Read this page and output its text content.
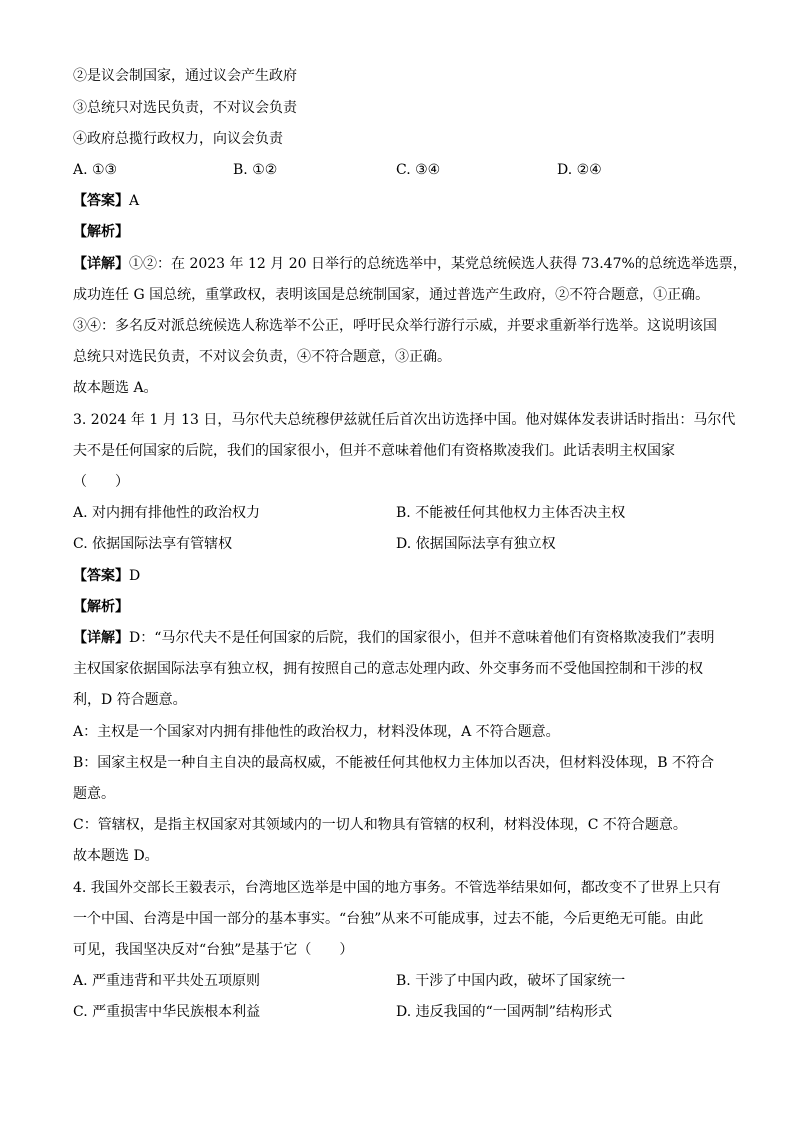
②是议会制国家，通过议会产生政府
③总统只对选民负责，不对议会负责
④政府总揽行政权力，向议会负责
A. ①③	B. ①②	C. ③④	D. ②④
【答案】A
【解析】
【详解】①②：在 2023 年 12 月 20 日举行的总统选举中，某党总统候选人获得 73.47%的总统选举选票，
成功连任 G 国总统，重掌政权，表明该国是总统制国家，通过普选产生政府，②不符合题意，①正确。
③④：多名反对派总统候选人称选举不公正，呼吁民众举行游行示威，并要求重新举行选举。这说明该国
总统只对选民负责，不对议会负责，④不符合题意，③正确。
故本题选 A。
3. 2024 年 1 月 13 日，马尔代夫总统穆伊兹就任后首次出访选择中国。他对媒体发表讲话时指出：马尔代
夫不是任何国家的后院，我们的国家很小，但并不意味着他们有资格欺凌我们。此话表明主权国家
（　　）
A. 对内拥有排他性的政治权力	B. 不能被任何其他权力主体否决主权
C. 依据国际法享有管辖权	D. 依据国际法享有独立权
【答案】D
【解析】
【详解】D：“马尔代夫不是任何国家的后院，我们的国家很小，但并不意味着他们有资格欺凌我们”表明
主权国家依据国际法享有独立权，拥有按照自己的意志处理内政、外交事务而不受他国控制和干涉的权
利，D 符合题意。
A：主权是一个国家对内拥有排他性的政治权力，材料没体现，A 不符合题意。
B：国家主权是一种自主自决的最高权威，不能被任何其他权力主体加以否决，但材料没体现，B 不符合
题意。
C：管辖权，是指主权国家对其领域内的一切人和物具有管辖的权利，材料没体现，C 不符合题意。
故本题选 D。
4. 我国外交部长王毅表示，台湾地区选举是中国的地方事务。不管选举结果如何，都改变不了世界上只有
一个中国、台湾是中国一部分的基本事实。“台独”从来不可能成事，过去不能，今后更绝无可能。由此
可见，我国坚决反对“台独”是基于它（　　）
A. 严重违背和平共处五项原则	B. 干涉了中国内政，破坏了国家统一
C. 严重损害中华民族根本利益	D. 违反我国的“一国两制”结构形式
